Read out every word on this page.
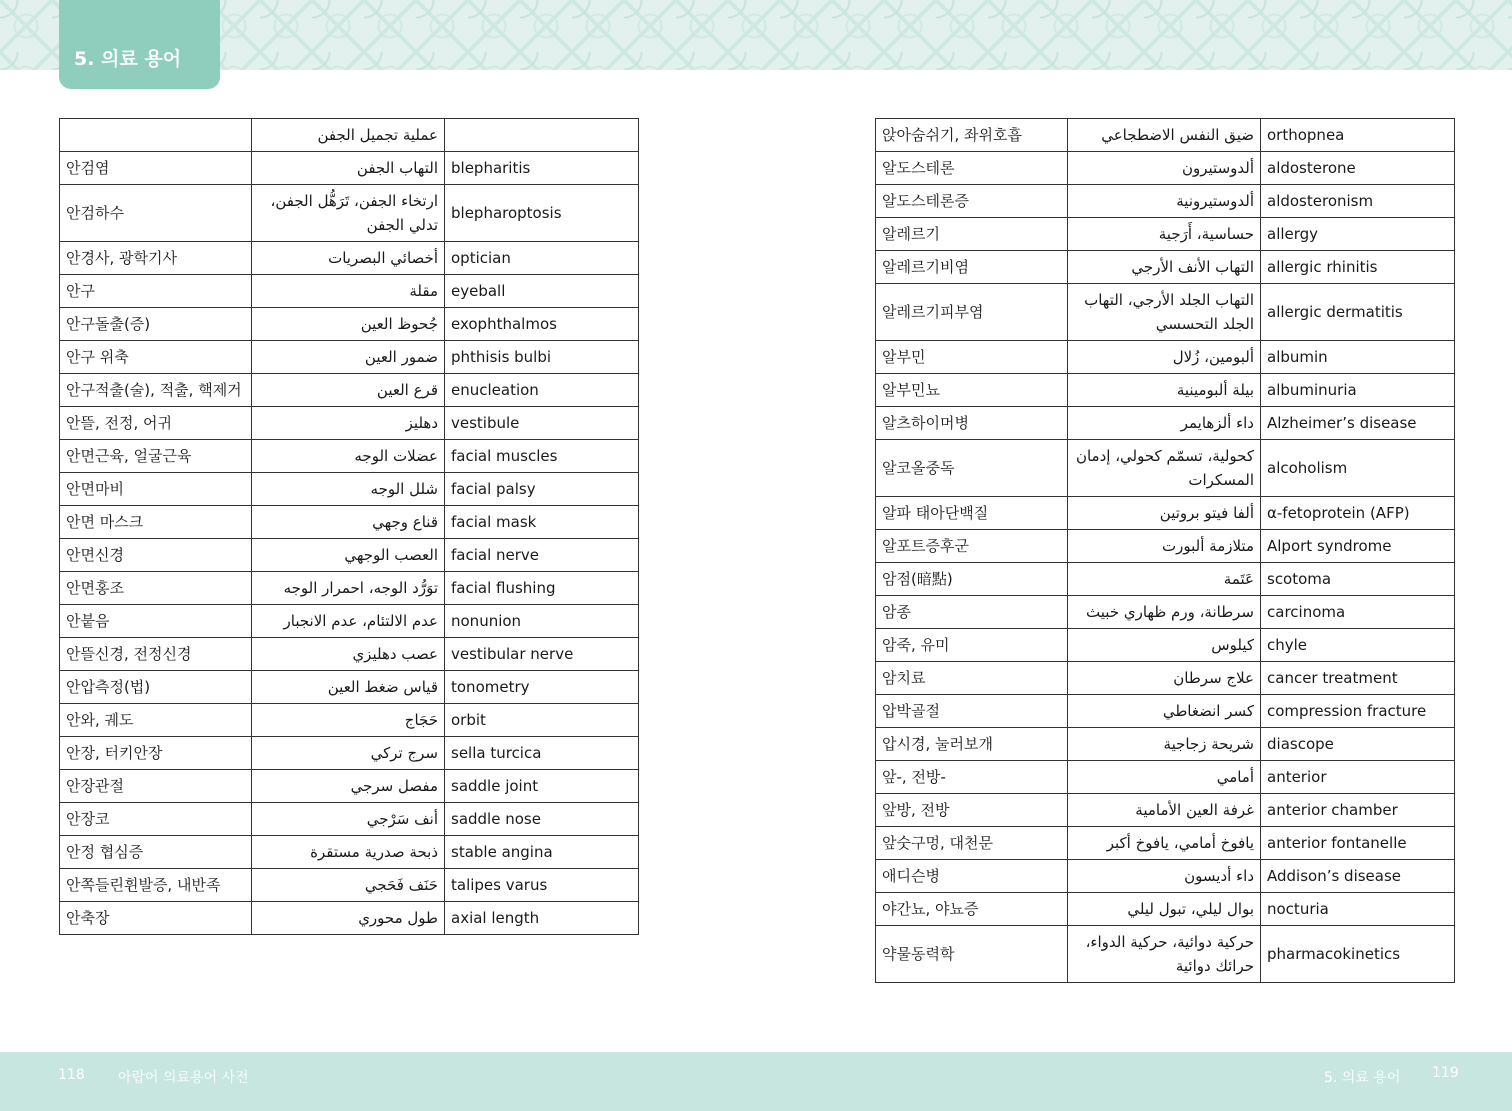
5. 의료 용어
	عملية تجميل الجفن	
안검염	التهاب الجفن	blepharitis
안검하수	ارتخاء الجفن، تَرَهُّل الجفن، تدلي الجفن	blepharoptosis
안경사, 광학기사	أخصائي البصريات	optician
안구	مقلة	eyeball
안구돌출(증)	جُحوظ العين	exophthalmos
안구 위축	ضمور العين	phthisis bulbi
안구적출(술), 적출, 핵제거	قرع العين	enucleation
안뜰, 전정, 어귀	دهليز	vestibule
안면근육, 얼굴근육	عضلات الوجه	facial muscles
안면마비	شلل الوجه	facial palsy
안면 마스크	قناع وجهي	facial mask
안면신경	العصب الوجهي	facial nerve
안면홍조	توَرُّد الوجه، احمرار الوجه	facial flushing
안붙음	عدم الالتئام، عدم الانجبار	nonunion
안뜰신경, 전정신경	عصب دهليزي	vestibular nerve
안압측정(법)	قياس ضغط العين	tonometry
안와, 궤도	حَجَاج	orbit
안장, 터키안장	سرج تركي	sella turcica
안장관절	مفصل سرجي	saddle joint
안장코	أنف سَرْجي	saddle nose
안정 협심증	ذبحة صدرية مستقرة	stable angina
안쪽들린휜발증, 내반족	حَنَف فَحَجي	talipes varus
안축장	طول محوري	axial length
앉아숨쉬기, 좌위호흡	ضيق النفس الاضطجاعي	orthopnea
알도스테론	ألدوستيرون	aldosterone
알도스테론증	ألدوستيرونية	aldosteronism
알레르기	حساسية، أَرَجية	allergy
알레르기비염	التهاب الأنف الأرجي	allergic rhinitis
알레르기피부염	التهاب الجلد الأرجي، التهاب الجلد التحسسي	allergic dermatitis
알부민	ألبومين، زُلال	albumin
알부민뇨	بيلة ألبومينية	albuminuria
알츠하이머병	داء ألزهايمر	Alzheimer’s disease
알코올중독	كحولية، تسمّم كحولي، إدمان المسكرات	alcoholism
알파 태아단백질	ألفا فيتو بروتين	α-fetoprotein (AFP)
알포트증후군	متلازمة ألبورت	Alport syndrome
암점(暗點)	عَتَمة	scotoma
암종	سرطانة، ورم ظهاري خبيث	carcinoma
암죽, 유미	كيلوس	chyle
암치료	علاج سرطان	cancer treatment
압박골절	كسر انضغاطي	compression fracture
압시경, 눌러보개	شريحة زجاجية	diascope
앞-, 전방-	أمامي	anterior
앞방, 전방	غرفة العين الأمامية	anterior chamber
앞숫구멍, 대천문	يافوخ أمامي، يافوخ أكبر	anterior fontanelle
애디슨병	داء أديسون	Addison’s disease
야간뇨, 야뇨증	بوال ليلي، تبول ليلي	nocturia
약물동력학	حركية دوائية، حركية الدواء، حرائك دوائية	pharmacokinetics
118 아랍어 의료용어 사전	5. 의료 용어 119
